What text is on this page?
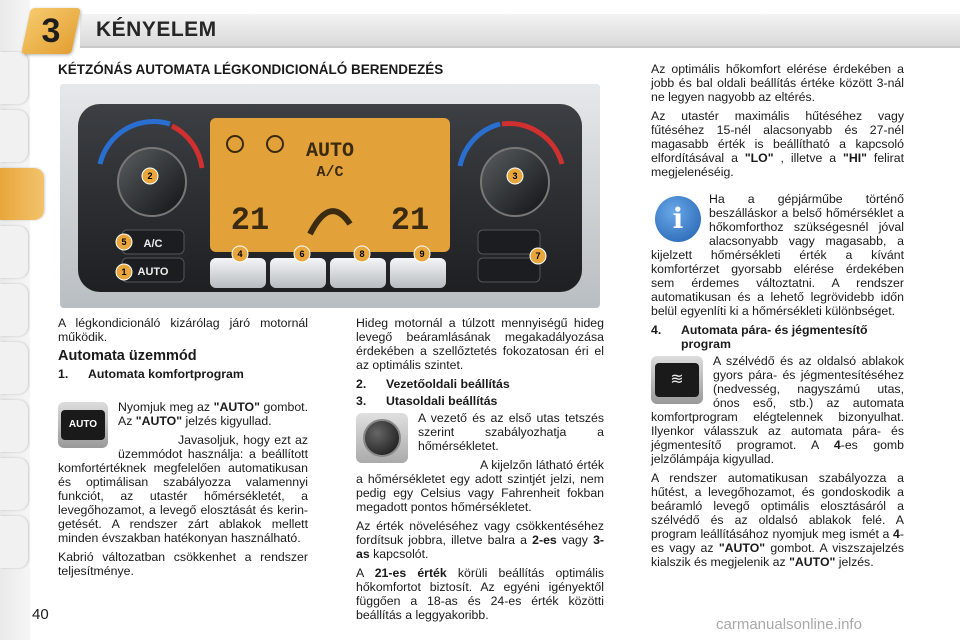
3	KÉNYELEM
KÉTZÓNÁS AUTOMATA LÉGKONDICIONÁLÓ BERENDEZÉS
AUTO
A/C
21	21
A/C
AUTO
1
2	3
4
5
6	7
8	9

A légkondicionáló kizárólag járó motornál működik.

Automata üzemmód
1. Automata komfortprogram
AUTO

Nyomjuk meg az "AUTO" gombot. Az "AUTO" jelzés kigyullad.

Javasoljuk, hogy ezt az üzemmódot használja: a beállított komfortértéknek megfelelően automatikusan és optimálisan szabályozza valamennyi funkciót, az utastér hőmérsékletét, a levegőhozamot, a levegő elosztását és kerin-getését. A rendszer zárt ablakok mellett minden évszakban hatékonyan használható.

Kabrió változatban csökkenhet a rendszer teljesítménye.

Hideg motornál a túlzott mennyiségű hideg levegő beáramlásának megakadályozása érdekében a szellőztetés fokozatosan éri el az optimális szintet.

2. Vezetőoldali beállítás
3. Utasoldali beállítás

A vezető és az első utas tetszés szerint szabályozhatja a hőmérsékletet.

A kijelzőn látható érték a hőmérsékletet egy adott szintjét jelzi, nem pedig egy Celsius vagy Fahrenheit fokban megadott pontos hőmérsékletet.

Az érték növeléséhez vagy csökkentéséhez fordítsuk jobbra, illetve balra a 2-es vagy 3-as kapcsolót.

A 21-es érték körüli beállítás optimális hőkomfortot biztosít. Az egyéni igényektől függően a 18-as és 24-es érték közötti beállítás a leggyakoribb.

Az optimális hőkomfort elérése érdekében a jobb és bal oldali beállítás értéke között 3-nál ne legyen nagyobb az eltérés.

Az utastér maximális hűtéséhez vagy fűtéséhez 15-nél alacsonyabb és 27-nél magasabb érték is beállítható a kapcsoló elfordításával a "LO" , illetve a "HI" felirat megjelenéséig.

i

Ha a gépjárműbe történő beszálláskor a belső hőmérséklet a hőkomforthoz szükségesnél jóval alacsonyabb vagy magasabb, a kijelzett hőmérsékleti érték a kívánt komfortérzet gyorsabb elérése érdekében sem érdemes változtatni. A rendszer automatikusan és a lehető legrövidebb időn belül egyenlíti ki a hőmérsékleti különbséget.

4. Automata pára- és jégmentesítő program
≋

A szélvédő és az oldalsó ablakok gyors pára- és jégmentesítéséhez (nedvesség, nagyszámú utas, ónos eső, stb.) az automata komfortprogram elégtelennek bizonyulhat. Ilyenkor válasszuk az automata pára- és jégmentesítő programot. A 4-es gomb jelzőlámpája kigyullad.

A rendszer automatikusan szabályozza a hűtést, a levegőhozamot, és gondoskodik a beáramló levegő optimális elosztásáról a szélvédő és az oldalsó ablakok felé. A program leállításához nyomjuk meg ismét a 4-es vagy az "AUTO" gombot. A viszszajelzés kialszik és megjelenik az "AUTO" jelzés.

40
carmanualsonline.info
